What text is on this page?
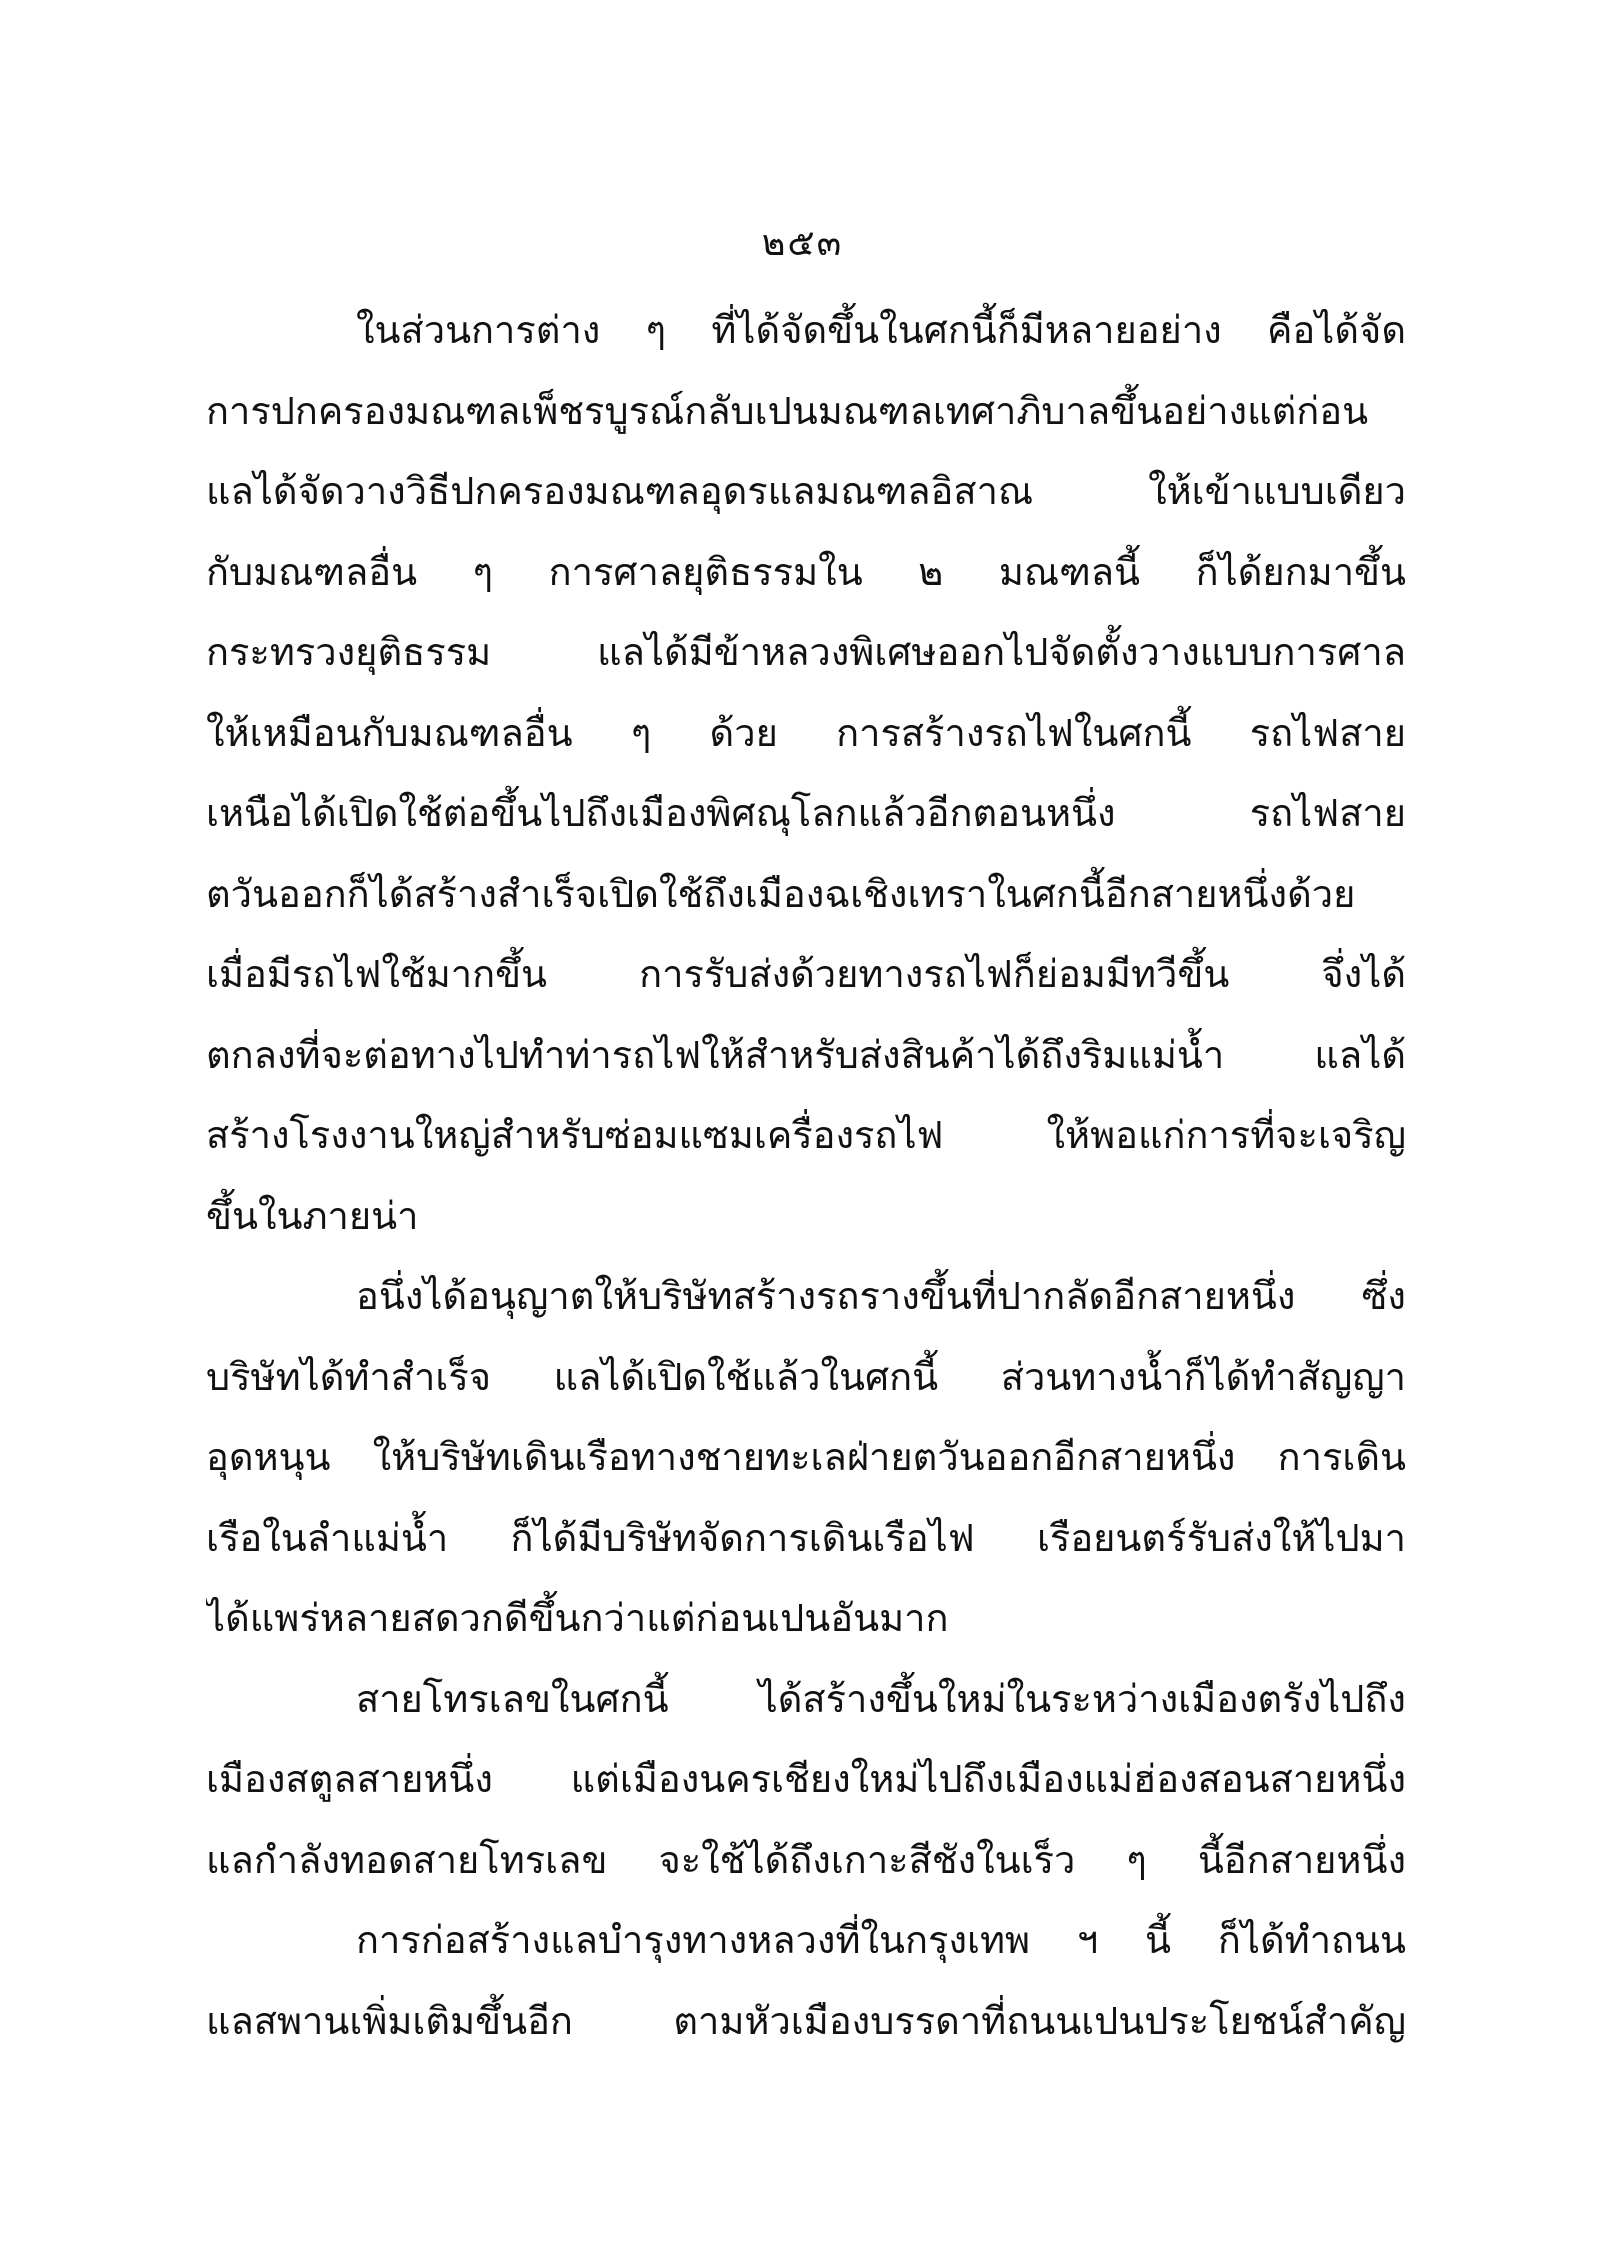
๒๕๓
ในส่วนการต่าง ๆ ที่ได้จัดขึ้นในศกนี้ก็มีหลายอย่าง คือได้จัด
การปกครองมณฑลเพ็ชรบูรณ์กลับเปนมณฑลเทศาภิบาลขึ้นอย่างแต่ก่อน
แลได้จัดวางวิธีปกครองมณฑลอุดรแลมณฑลอิสาณ ให้เข้าแบบเดียว
กับมณฑลอื่น ๆ การศาลยุติธรรมใน ๒ มณฑลนี้ ก็ได้ยกมาขึ้น
กระทรวงยุติธรรม แลได้มีข้าหลวงพิเศษออกไปจัดตั้งวางแบบการศาล
ให้เหมือนกับมณฑลอื่น ๆ ด้วย การสร้างรถไฟในศกนี้ รถไฟสาย
เหนือได้เปิดใช้ต่อขึ้นไปถึงเมืองพิศณุโลกแล้วอีกตอนหนึ่ง รถไฟสาย
ตวันออกก็ได้สร้างสำเร็จเปิดใช้ถึงเมืองฉเชิงเทราในศกนี้อีกสายหนึ่งด้วย
เมื่อมีรถไฟใช้มากขึ้น การรับส่งด้วยทางรถไฟก็ย่อมมีทวีขึ้น จึ่งได้
ตกลงที่จะต่อทางไปทำท่ารถไฟให้สำหรับส่งสินค้าได้ถึงริมแม่น้ำ แลได้
สร้างโรงงานใหญ่สำหรับซ่อมแซมเครื่องรถไฟ ให้พอแก่การที่จะเจริญ
ขึ้นในภายน่า
อนึ่งได้อนุญาตให้บริษัทสร้างรถรางขึ้นที่ปากลัดอีกสายหนึ่ง ซึ่ง
บริษัทได้ทำสำเร็จ แลได้เปิดใช้แล้วในศกนี้ ส่วนทางน้ำก็ได้ทำสัญญา
อุดหนุน ให้บริษัทเดินเรือทางชายทะเลฝ่ายตวันออกอีกสายหนึ่ง การเดิน
เรือในลำแม่น้ำ ก็ได้มีบริษัทจัดการเดินเรือไฟ เรือยนตร์รับส่งให้ไปมา
ได้แพร่หลายสดวกดีขึ้นกว่าแต่ก่อนเปนอันมาก
สายโทรเลขในศกนี้ ได้สร้างขึ้นใหม่ในระหว่างเมืองตรังไปถึง
เมืองสตูลสายหนึ่ง แต่เมืองนครเชียงใหม่ไปถึงเมืองแม่ฮ่องสอนสายหนึ่ง
แลกำลังทอดสายโทรเลข จะใช้ได้ถึงเกาะสีชังในเร็ว ๆ นี้อีกสายหนึ่ง
การก่อสร้างแลบำรุงทางหลวงที่ในกรุงเทพ ฯ นี้ ก็ได้ทำถนน
แลสพานเพิ่มเติมขึ้นอีก ตามหัวเมืองบรรดาที่ถนนเปนประโยชน์สำคัญ
